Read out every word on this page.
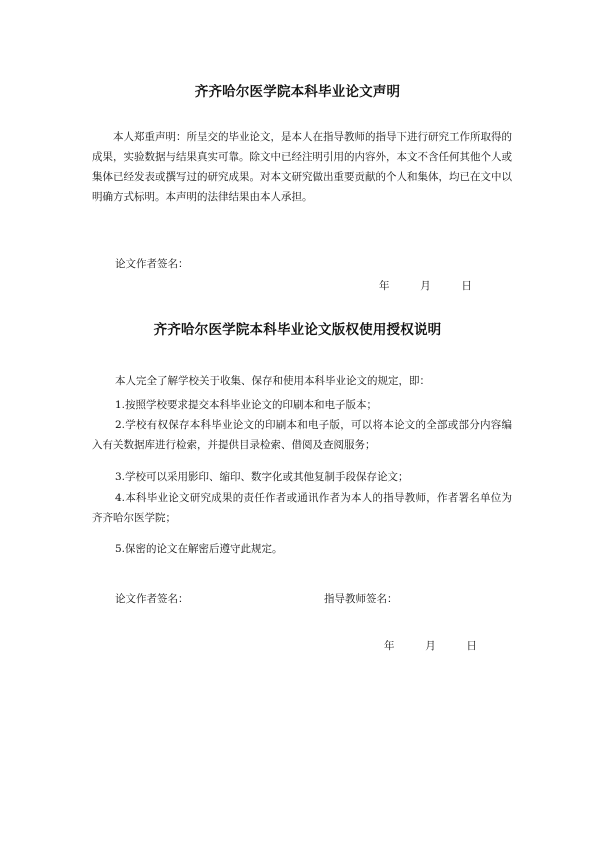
齐齐哈尔医学院本科毕业论文声明
本人郑重声明：所呈交的毕业论文，是本人在指导教师的指导下进行研究工作所取得的成果，实验数据与结果真实可靠。除文中已经注明引用的内容外，本文不含任何其他个人或集体已经发表或撰写过的研究成果。对本文研究做出重要贡献的个人和集体，均已在文中以明确方式标明。本声明的法律结果由本人承担。
论文作者签名：
年	月	日
齐齐哈尔医学院本科毕业论文版权使用授权说明
本人完全了解学校关于收集、保存和使用本科毕业论文的规定，即：
1.按照学校要求提交本科毕业论文的印刷本和电子版本；
2.学校有权保存本科毕业论文的印刷本和电子版，可以将本论文的全部或部分内容编入有关数据库进行检索，并提供目录检索、借阅及查阅服务；
3.学校可以采用影印、缩印、数字化或其他复制手段保存论文；
4.本科毕业论文研究成果的责任作者或通讯作者为本人的指导教师，作者署名单位为齐齐哈尔医学院；
5.保密的论文在解密后遵守此规定。
论文作者签名：	指导教师签名：
年	月	日
